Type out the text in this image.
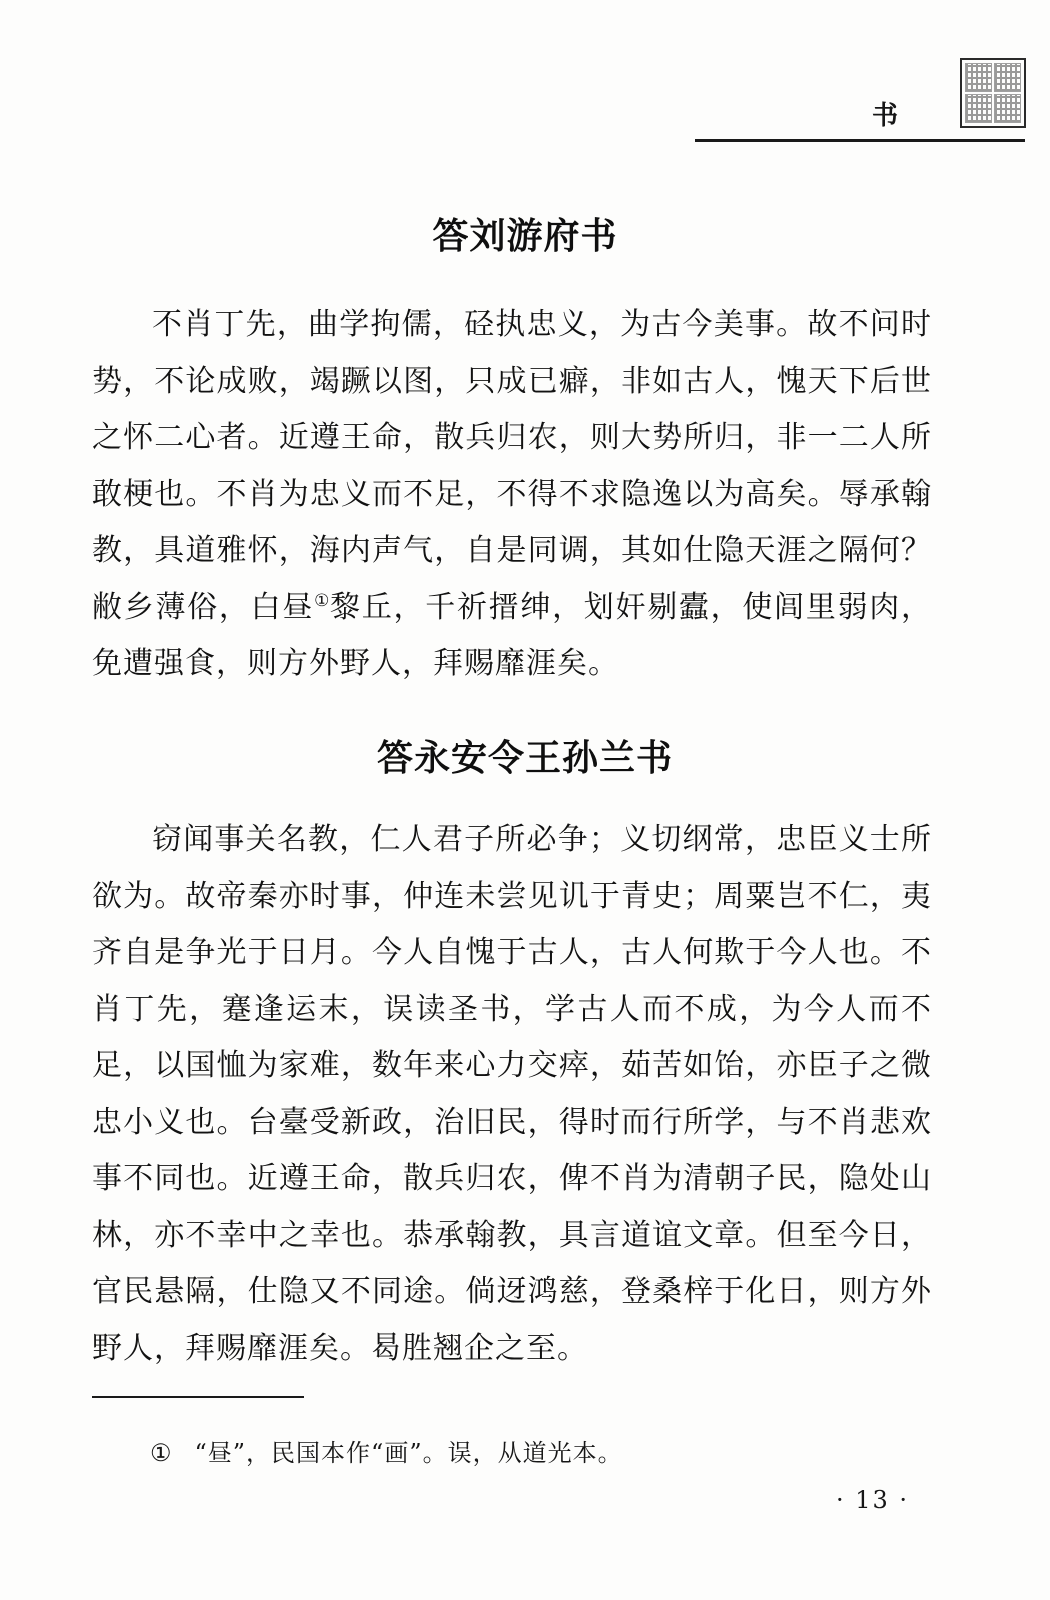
书
答刘游府书

不肖丁先，曲学拘儒，硁执忠义，为古今美事。故不问时势，不论成败，竭蹶以图，只成已癖，非如古人，愧天下后世之怀二心者。近遵王命，散兵归农，则大势所归，非一二人所敢梗也。不肖为忠义而不足，不得不求隐逸以为高矣。辱承翰教，具道雅怀，海内声气，自是同调，其如仕隐天涯之隔何？敝乡薄俗，白昼①黎丘，千祈搢绅，划奸剔蠹，使闾里弱肉，免遭强食，则方外野人，拜赐靡涯矣。

答永安令王孙兰书

窃闻事关名教，仁人君子所必争；义切纲常，忠臣义士所欲为。故帝秦亦时事，仲连未尝见讥于青史；周粟岂不仁，夷齐自是争光于日月。今人自愧于古人，古人何欺于今人也。不肖丁先，蹇逢运末，误读圣书，学古人而不成，为今人而不足，以国恤为家难，数年来心力交瘁，茹苦如饴，亦臣子之微忠小义也。台臺受新政，治旧民，得时而行所学，与不肖悲欢事不同也。近遵王命，散兵归农，俾不肖为清朝子民，隐处山林，亦不幸中之幸也。恭承翰教，具言道谊文章。但至今日，官民悬隔，仕隐又不同途。倘迓鸿慈，登桑梓于化日，则方外野人，拜赐靡涯矣。曷胜翘企之至。

① “昼”，民国本作“画”。误，从道光本。
· 13 ·
